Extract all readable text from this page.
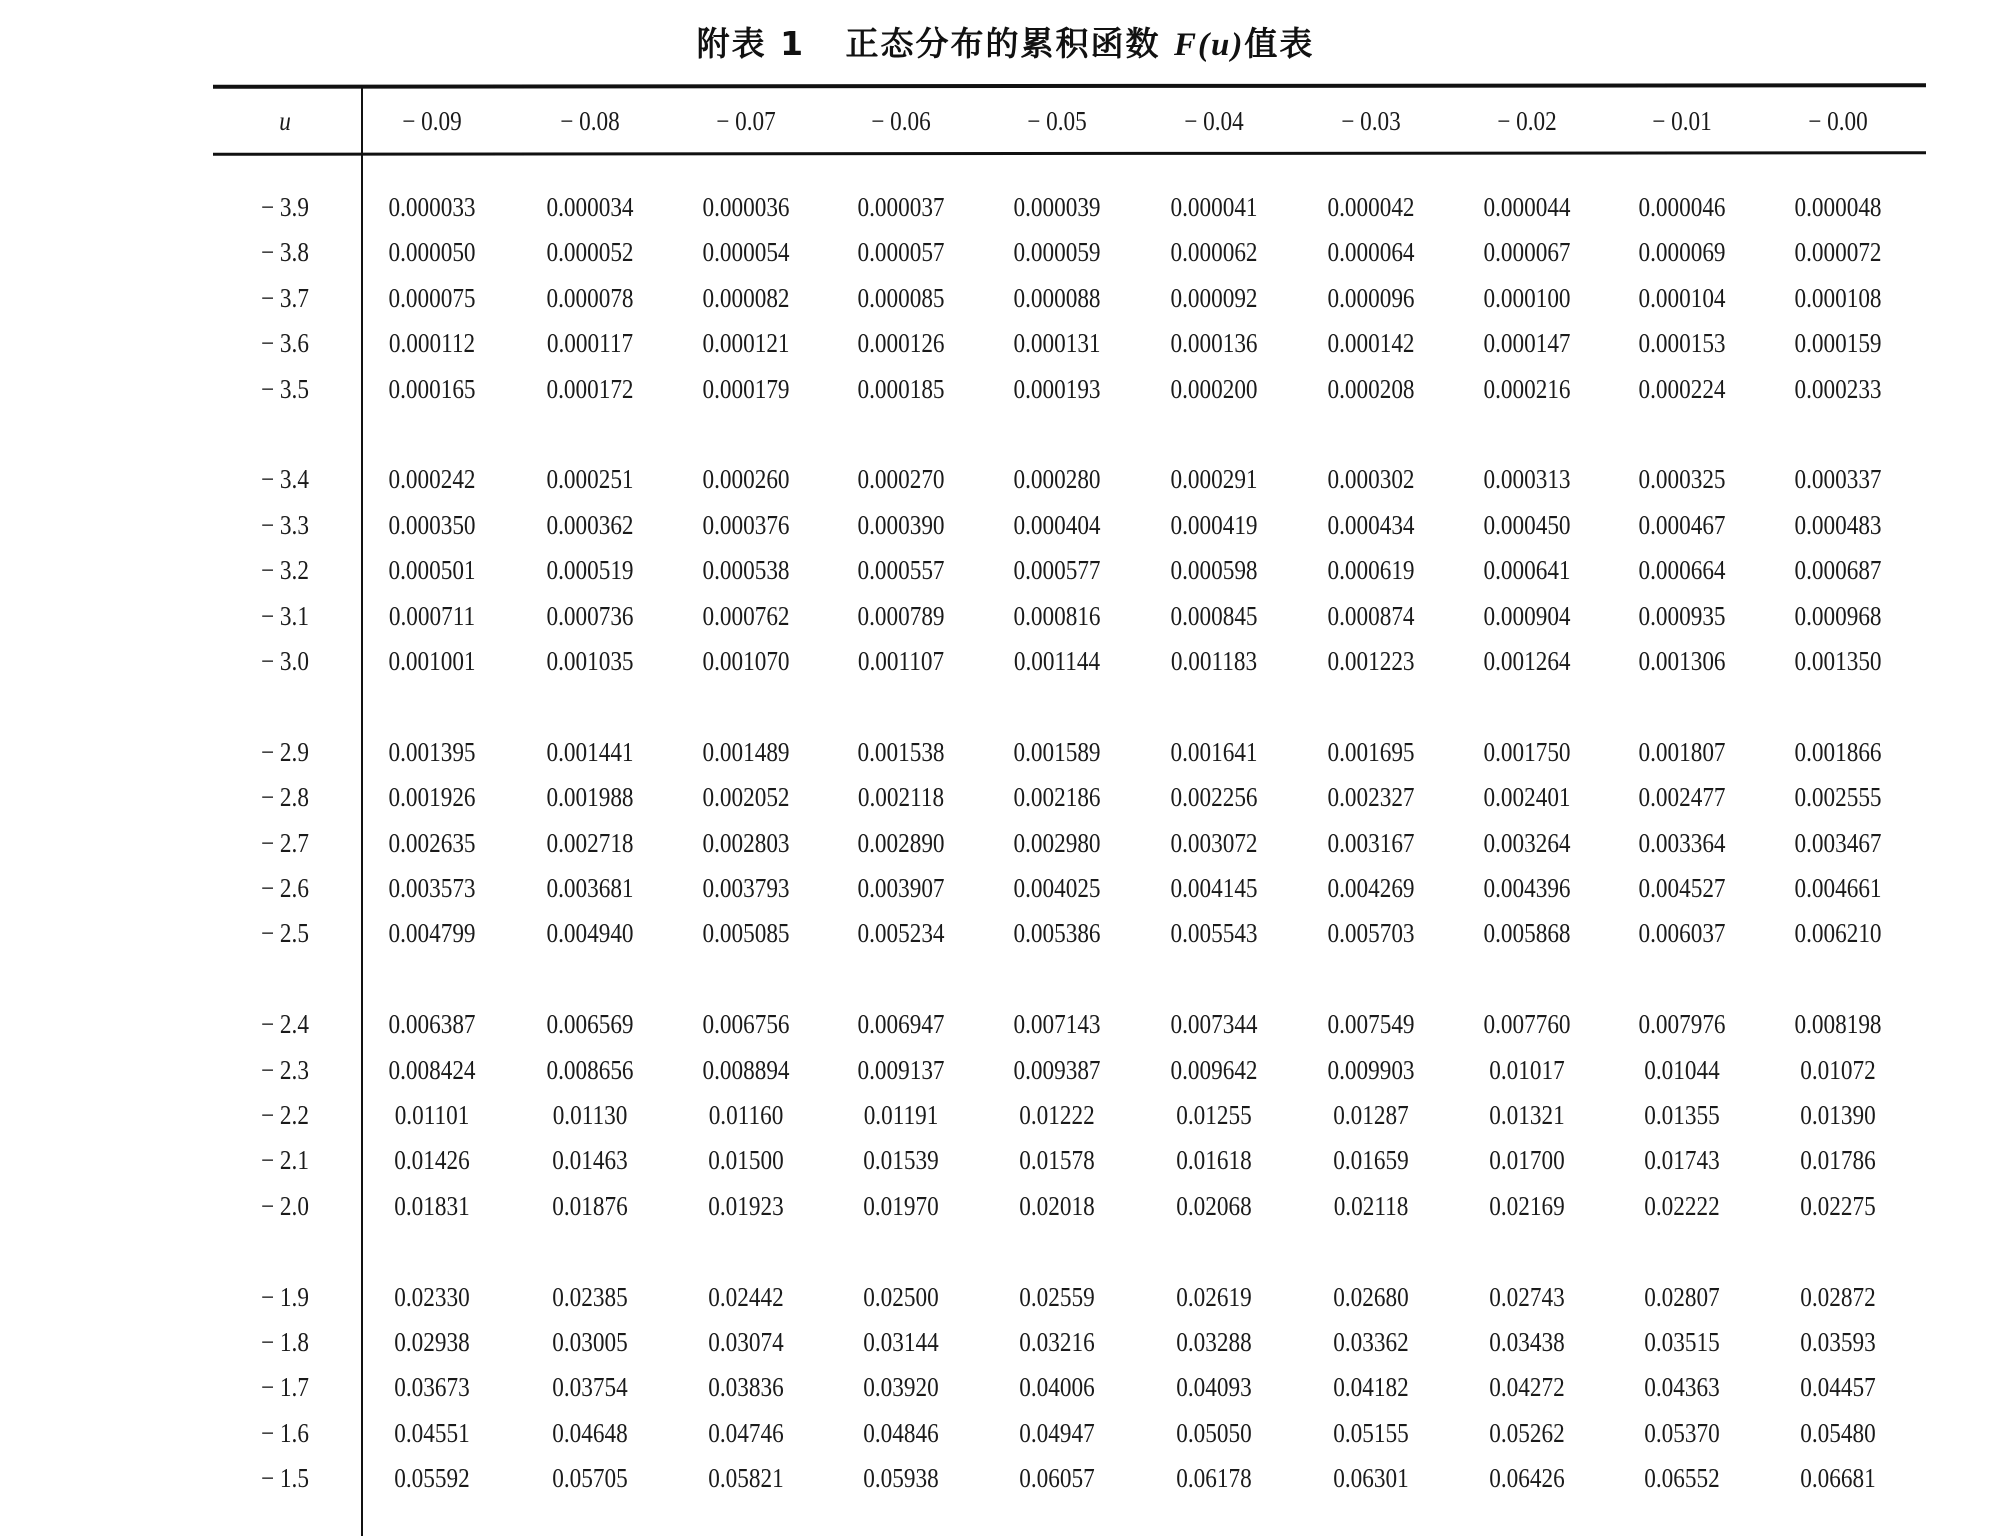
附表 1 正态分布的累积函数 F(u)值表
u	− 0.09	− 0.08	− 0.07	− 0.06	− 0.05	− 0.04	− 0.03	− 0.02	− 0.01	− 0.00
− 3.9	0.000033	0.000034	0.000036	0.000037	0.000039	0.000041	0.000042	0.000044	0.000046	0.000048
− 3.8	0.000050	0.000052	0.000054	0.000057	0.000059	0.000062	0.000064	0.000067	0.000069	0.000072
− 3.7	0.000075	0.000078	0.000082	0.000085	0.000088	0.000092	0.000096	0.000100	0.000104	0.000108
− 3.6	0.000112	0.000117	0.000121	0.000126	0.000131	0.000136	0.000142	0.000147	0.000153	0.000159
− 3.5	0.000165	0.000172	0.000179	0.000185	0.000193	0.000200	0.000208	0.000216	0.000224	0.000233
− 3.4	0.000242	0.000251	0.000260	0.000270	0.000280	0.000291	0.000302	0.000313	0.000325	0.000337
− 3.3	0.000350	0.000362	0.000376	0.000390	0.000404	0.000419	0.000434	0.000450	0.000467	0.000483
− 3.2	0.000501	0.000519	0.000538	0.000557	0.000577	0.000598	0.000619	0.000641	0.000664	0.000687
− 3.1	0.000711	0.000736	0.000762	0.000789	0.000816	0.000845	0.000874	0.000904	0.000935	0.000968
− 3.0	0.001001	0.001035	0.001070	0.001107	0.001144	0.001183	0.001223	0.001264	0.001306	0.001350
− 2.9	0.001395	0.001441	0.001489	0.001538	0.001589	0.001641	0.001695	0.001750	0.001807	0.001866
− 2.8	0.001926	0.001988	0.002052	0.002118	0.002186	0.002256	0.002327	0.002401	0.002477	0.002555
− 2.7	0.002635	0.002718	0.002803	0.002890	0.002980	0.003072	0.003167	0.003264	0.003364	0.003467
− 2.6	0.003573	0.003681	0.003793	0.003907	0.004025	0.004145	0.004269	0.004396	0.004527	0.004661
− 2.5	0.004799	0.004940	0.005085	0.005234	0.005386	0.005543	0.005703	0.005868	0.006037	0.006210
− 2.4	0.006387	0.006569	0.006756	0.006947	0.007143	0.007344	0.007549	0.007760	0.007976	0.008198
− 2.3	0.008424	0.008656	0.008894	0.009137	0.009387	0.009642	0.009903	0.01017	0.01044	0.01072
− 2.2	0.01101	0.01130	0.01160	0.01191	0.01222	0.01255	0.01287	0.01321	0.01355	0.01390
− 2.1	0.01426	0.01463	0.01500	0.01539	0.01578	0.01618	0.01659	0.01700	0.01743	0.01786
− 2.0	0.01831	0.01876	0.01923	0.01970	0.02018	0.02068	0.02118	0.02169	0.02222	0.02275
− 1.9	0.02330	0.02385	0.02442	0.02500	0.02559	0.02619	0.02680	0.02743	0.02807	0.02872
− 1.8	0.02938	0.03005	0.03074	0.03144	0.03216	0.03288	0.03362	0.03438	0.03515	0.03593
− 1.7	0.03673	0.03754	0.03836	0.03920	0.04006	0.04093	0.04182	0.04272	0.04363	0.04457
− 1.6	0.04551	0.04648	0.04746	0.04846	0.04947	0.05050	0.05155	0.05262	0.05370	0.05480
− 1.5	0.05592	0.05705	0.05821	0.05938	0.06057	0.06178	0.06301	0.06426	0.06552	0.06681
